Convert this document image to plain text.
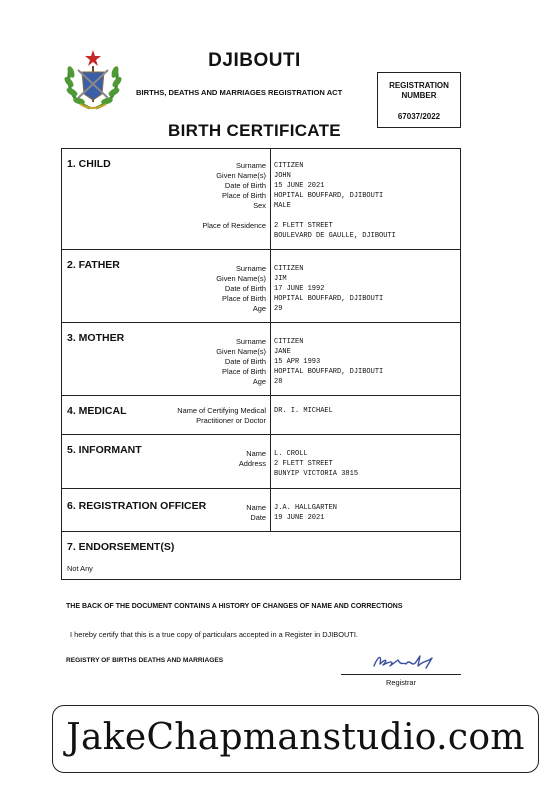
DJIBOUTI
BIRTHS, DEATHS AND MARRIAGES REGISTRATION ACT
REGISTRATION
NUMBER
67037/2022
BIRTH CERTIFICATE
1. CHILD	Surname CITIZEN
Given Name(s) JOHN
Date of Birth 15 JUNE 2021
Place of Birth HOPITAL BOUFFARD, DJIBOUTI
Sex MALE
Place of Residence 2 FLETT STREET
BOULEVARD DE GAULLE, DJIBOUTI
2. FATHER	Surname CITIZEN
Given Name(s) JIM
Date of Birth 17 JUNE 1992
Place of Birth HOPITAL BOUFFARD, DJIBOUTI
Age 29
3. MOTHER	Surname CITIZEN
Given Name(s) JANE
Date of Birth 15 APR 1993
Place of Birth HOPITAL BOUFFARD, DJIBOUTI
Age 28
4. MEDICAL	Name of Certifying Medical
Practitioner or Doctor
DR. I. MICHAEL
5. INFORMANT	Name L. CROLL
Address 2 FLETT STREET
BUNYIP VICTORIA 3815
6. REGISTRATION OFFICER	Name J.A. HALLGARTEN
Date 19 JUNE 2021
7. ENDORSEMENT(S)
Not Any
THE BACK OF THE DOCUMENT CONTAINS A HISTORY OF CHANGES OF NAME AND CORRECTIONS
I hereby certify that this is a true copy of particulars accepted in a Register in DJIBOUTI.
REGISTRY OF BIRTHS DEATHS AND MARRIAGES
Registrar
JakeChapmanstudio.com
